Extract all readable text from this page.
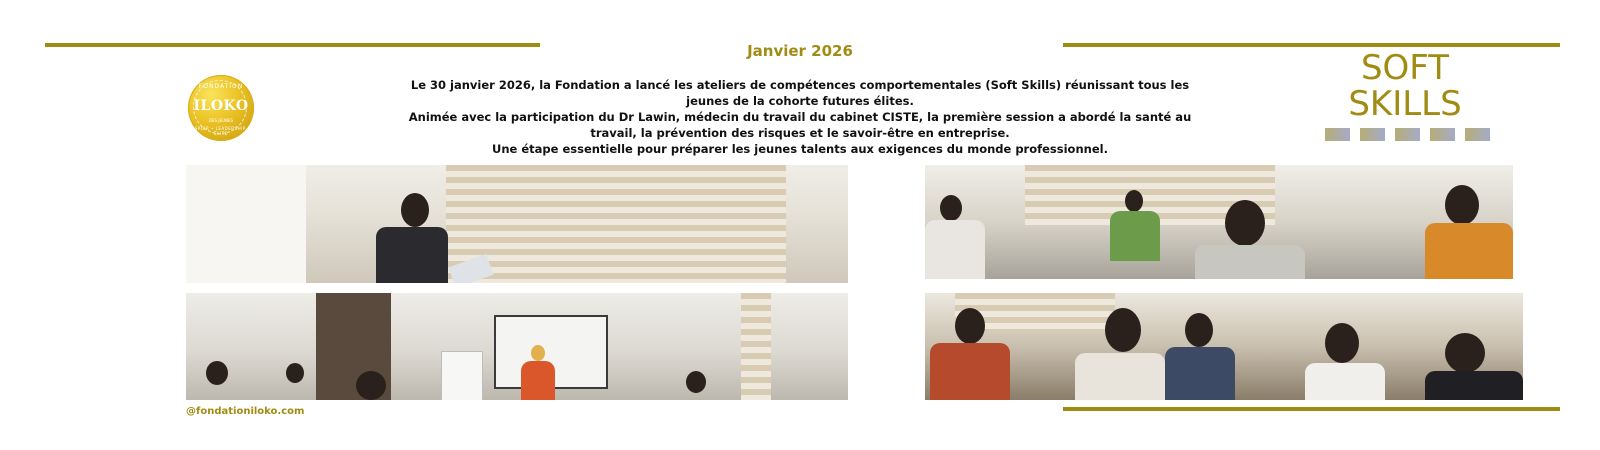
Janvier 2026
FONDATION
ILOKO
DES JEUNES
ESPOIR • LEADERSHIP • ÉLITE

Le 30 janvier 2026, la Fondation a lancé les ateliers de compétences comportementales (Soft Skills) réunissant tous les jeunes de la cohorte futures élites.

Animée avec la participation du Dr Lawin, médecin du travail du cabinet CISTE, la première session a abordé la santé au travail, la prévention des risques et le savoir-être en entreprise.

Une étape essentielle pour préparer les jeunes talents aux exigences du monde professionnel.

SOFT
SKILLS
@fondationiloko.com
